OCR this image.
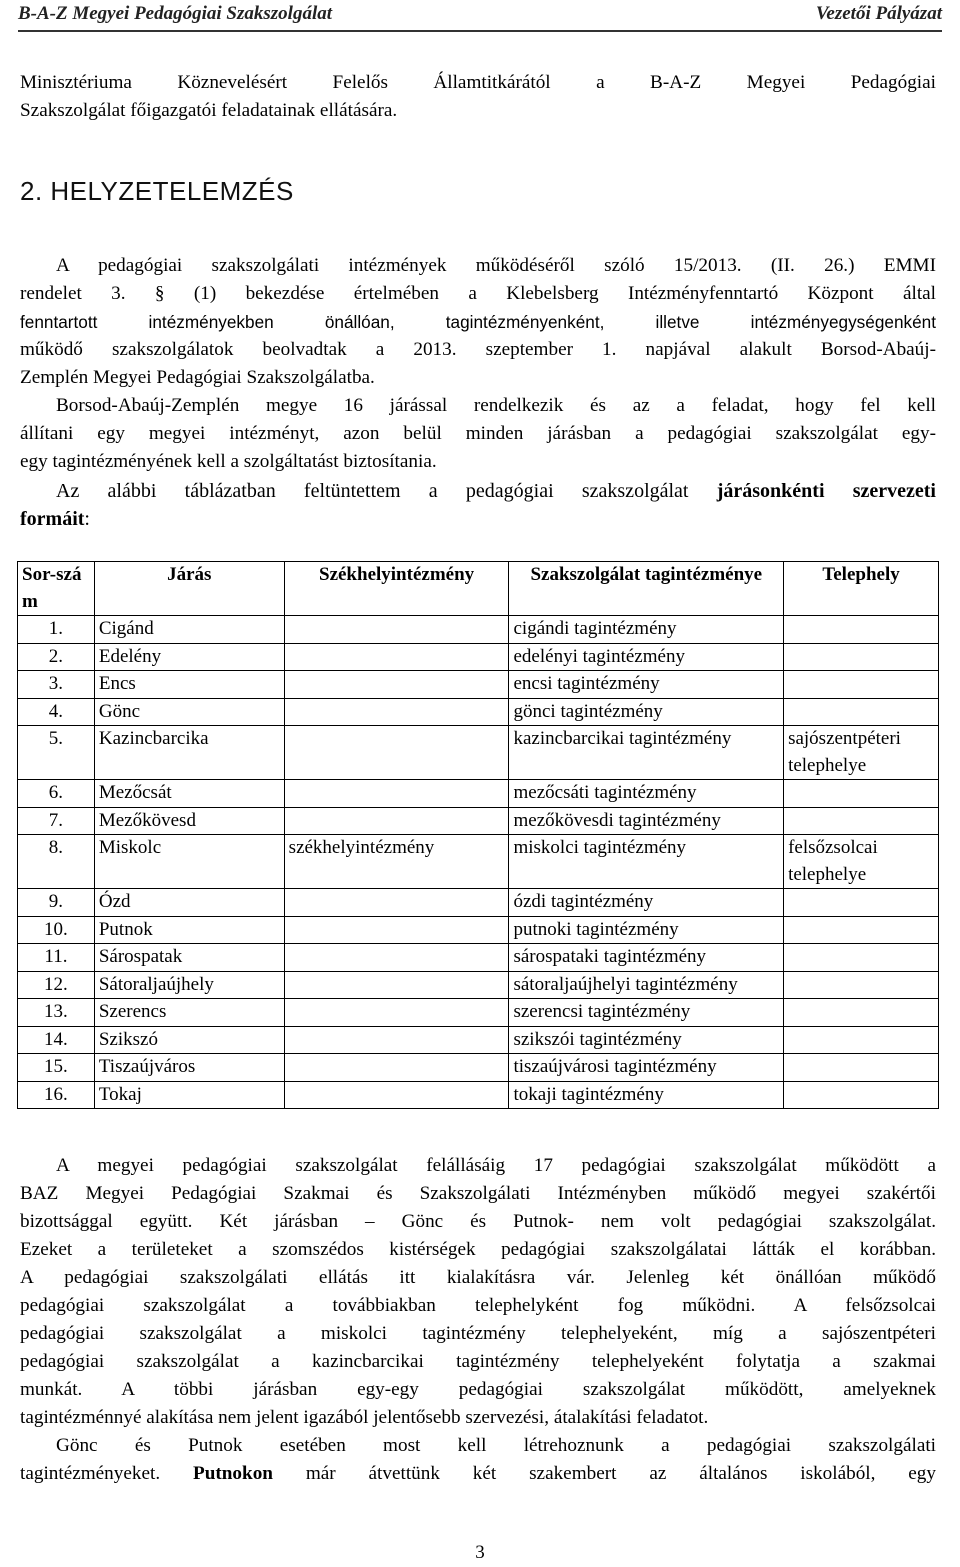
B-A-Z Megyei Pedagógiai Szakszolgálat	Vezetői Pályázat
Minisztériuma Köznevelésért Felelős Államtitkárától a B-A-Z Megyei Pedagógiai
Szakszolgálat főigazgatói feladatainak ellátására.
2. HELYZETELEMZÉS
A pedagógiai szakszolgálati intézmények működéséről szóló 15/2013. (II. 26.) EMMI
rendelet 3. § (1) bekezdése értelmében a Klebelsberg Intézményfenntartó Központ által
fenntartott intézményekben önállóan, tagintézményenként, illetve intézményegységenként
működő szakszolgálatok beolvadtak a 2013. szeptember 1. napjával alakult Borsod-Abaúj-
Zemplén Megyei Pedagógiai Szakszolgálatba.
Borsod-Abaúj-Zemplén megye 16 járással rendelkezik és az a feladat, hogy fel kell
állítani egy megyei intézményt, azon belül minden járásban a pedagógiai szakszolgálat egy-
egy tagintézményének kell a szolgáltatást biztosítania.
Az alábbi táblázatban feltüntettem a pedagógiai szakszolgálat járásonkénti szervezeti
formáit:
Sor-szám	Járás	Székhelyintézmény	Szakszolgálat tagintézménye	Telephely
1.	Cigánd		cigándi tagintézmény	
2.	Edelény		edelényi tagintézmény	
3.	Encs		encsi tagintézmény	
4.	Gönc		gönci tagintézmény	
5.	Kazincbarcika		kazincbarcikai tagintézmény	sajószentpéteri telephelye
6.	Mezőcsát		mezőcsáti tagintézmény	
7.	Mezőkövesd		mezőkövesdi tagintézmény	
8.	Miskolc	székhelyintézmény	miskolci tagintézmény	felsőzsolcai telephelye
9.	Ózd		ózdi tagintézmény	
10.	Putnok		putnoki tagintézmény	
11.	Sárospatak		sárospataki tagintézmény	
12.	Sátoraljaújhely		sátoraljaújhelyi tagintézmény	
13.	Szerencs		szerencsi tagintézmény	
14.	Szikszó		szikszói tagintézmény	
15.	Tiszaújváros		tiszaújvárosi tagintézmény	
16.	Tokaj		tokaji tagintézmény	
A megyei pedagógiai szakszolgálat felállásáig 17 pedagógiai szakszolgálat működött a
BAZ Megyei Pedagógiai Szakmai és Szakszolgálati Intézményben működő megyei szakértői
bizottsággal együtt. Két járásban – Gönc és Putnok- nem volt pedagógiai szakszolgálat.
Ezeket a területeket a szomszédos kistérségek pedagógiai szakszolgálatai látták el korábban.
A pedagógiai szakszolgálati ellátás itt kialakításra vár. Jelenleg két önállóan működő
pedagógiai szakszolgálat a továbbiakban telephelyként fog működni. A felsőzsolcai
pedagógiai szakszolgálat a miskolci tagintézmény telephelyeként, míg a sajószentpéteri
pedagógiai szakszolgálat a kazincbarcikai tagintézmény telephelyeként folytatja a szakmai
munkát. A többi járásban egy-egy pedagógiai szakszolgálat működött, amelyeknek
tagintézménnyé alakítása nem jelent igazából jelentősebb szervezési, átalakítási feladatot.
Gönc és Putnok esetében most kell létrehoznunk a pedagógiai szakszolgálati
tagintézményeket. Putnokon már átvettünk két szakembert az általános iskolából, egy
3
